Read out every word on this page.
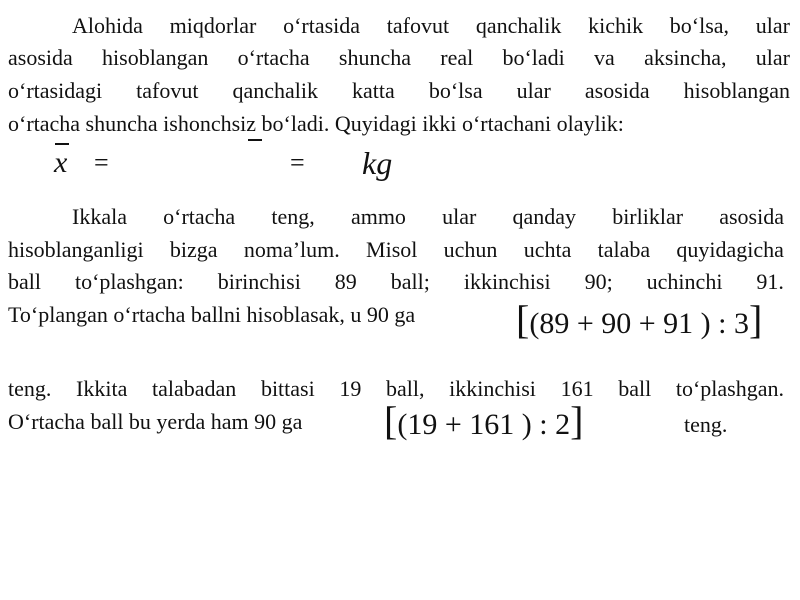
Alohida miqdorlar o‘rtasida tafovut qanchalik kichik bo‘lsa, ular
asosida hisoblangan o‘rtacha shuncha real bo‘ladi va aksincha, ular
o‘rtasidagi tafovut qanchalik katta bo‘lsa ular asosida hisoblangan
o‘rtacha shuncha ishonchsiz bo‘ladi. Quyidagi ikki o‘rtachani olaylik:
x =	= kg
Ikkala o‘rtacha teng, ammo ular qanday birliklar asosida
hisoblanganligi bizga noma’lum. Misol uchun uchta talaba quyidagicha
ball to‘plashgan: birinchisi 89 ball; ikkinchisi 90; uchinchi 91.
To‘plangan o‘rtacha ballni hisoblasak, u 90 ga	[(89 + 90 + 91 ) : 3]
teng. Ikkita talabadan bittasi 19 ball, ikkinchisi 161 ball to‘plashgan.
O‘rtacha ball bu yerda ham 90 ga [(19 + 161 ) : 2]	teng.
